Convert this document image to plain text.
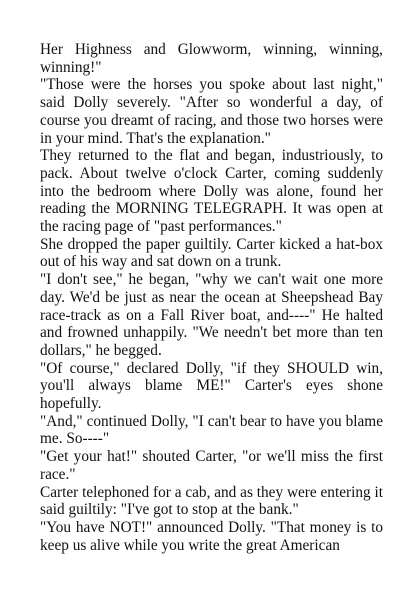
Her Highness and Glowworm, winning, winning, winning!"

"Those were the horses you spoke about last night," said Dolly severely. "After so wonderful a day, of course you dreamt of racing, and those two horses were in your mind. That's the explanation."

They returned to the flat and began, industriously, to pack. About twelve o'clock Carter, coming suddenly into the bedroom where Dolly was alone, found her reading the MORNING TELEGRAPH. It was open at the racing page of "past performances."

She dropped the paper guiltily. Carter kicked a hat-box out of his way and sat down on a trunk.

"I don't see," he began, "why we can't wait one more day. We'd be just as near the ocean at Sheepshead Bay race-track as on a Fall River boat, and----" He halted and frowned unhappily. "We needn't bet more than ten dollars," he begged.

"Of course," declared Dolly, "if they SHOULD win, you'll always blame ME!" Carter's eyes shone hopefully.

"And," continued Dolly, "I can't bear to have you blame me. So----"

"Get your hat!" shouted Carter, "or we'll miss the first race."

Carter telephoned for a cab, and as they were entering it said guiltily: "I've got to stop at the bank."

"You have NOT!" announced Dolly. "That money is to keep us alive while you write the great American
